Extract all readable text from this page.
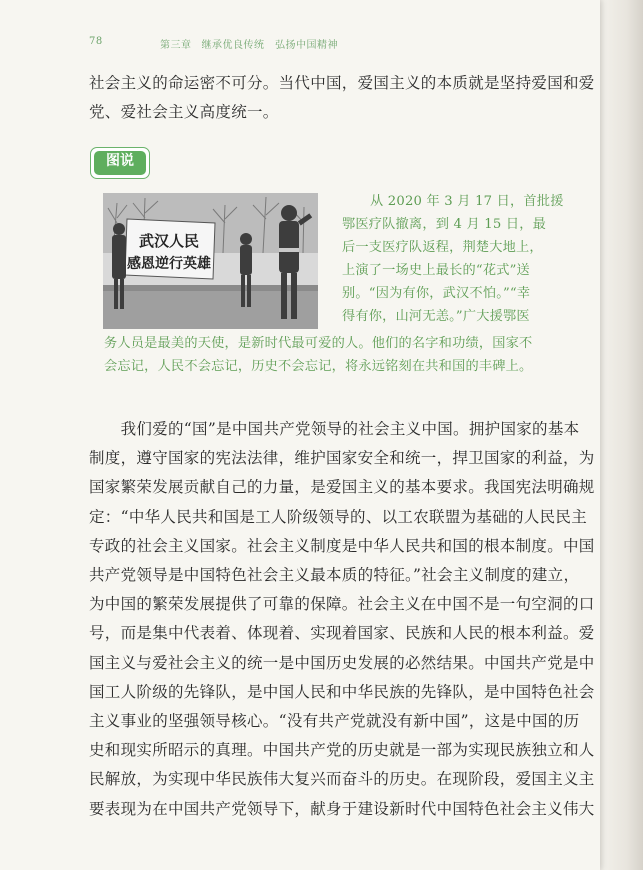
78	第三章 继承优良传统　弘扬中国精神
社会主义的命运密不可分。当代中国，爱国主义的本质就是坚持爱国和爱
党、爱社会主义高度统一。
图说
武汉人民
感恩逆行英雄
从 2020 年 3 月 17 日，首批援
鄂医疗队撤离，到 4 月 15 日，最
后一支医疗队返程，荆楚大地上，
上演了一场史上最长的“花式”送
别。“因为有你，武汉不怕。”“幸
得有你，山河无恙。”广大援鄂医
务人员是最美的天使，是新时代最可爱的人。他们的名字和功绩，国家不
会忘记，人民不会忘记，历史不会忘记，将永远铭刻在共和国的丰碑上。
　　我们爱的“国”是中国共产党领导的社会主义中国。拥护国家的基本
制度，遵守国家的宪法法律，维护国家安全和统一，捍卫国家的利益，为
国家繁荣发展贡献自己的力量，是爱国主义的基本要求。我国宪法明确规
定：“中华人民共和国是工人阶级领导的、以工农联盟为基础的人民民主
专政的社会主义国家。社会主义制度是中华人民共和国的根本制度。中国
共产党领导是中国特色社会主义最本质的特征。”社会主义制度的建立，
为中国的繁荣发展提供了可靠的保障。社会主义在中国不是一句空洞的口
号，而是集中代表着、体现着、实现着国家、民族和人民的根本利益。爱
国主义与爱社会主义的统一是中国历史发展的必然结果。中国共产党是中
国工人阶级的先锋队，是中国人民和中华民族的先锋队，是中国特色社会
主义事业的坚强领导核心。“没有共产党就没有新中国”，这是中国的历
史和现实所昭示的真理。中国共产党的历史就是一部为实现民族独立和人
民解放，为实现中华民族伟大复兴而奋斗的历史。在现阶段，爱国主义主
要表现为在中国共产党领导下，献身于建设新时代中国特色社会主义伟大
